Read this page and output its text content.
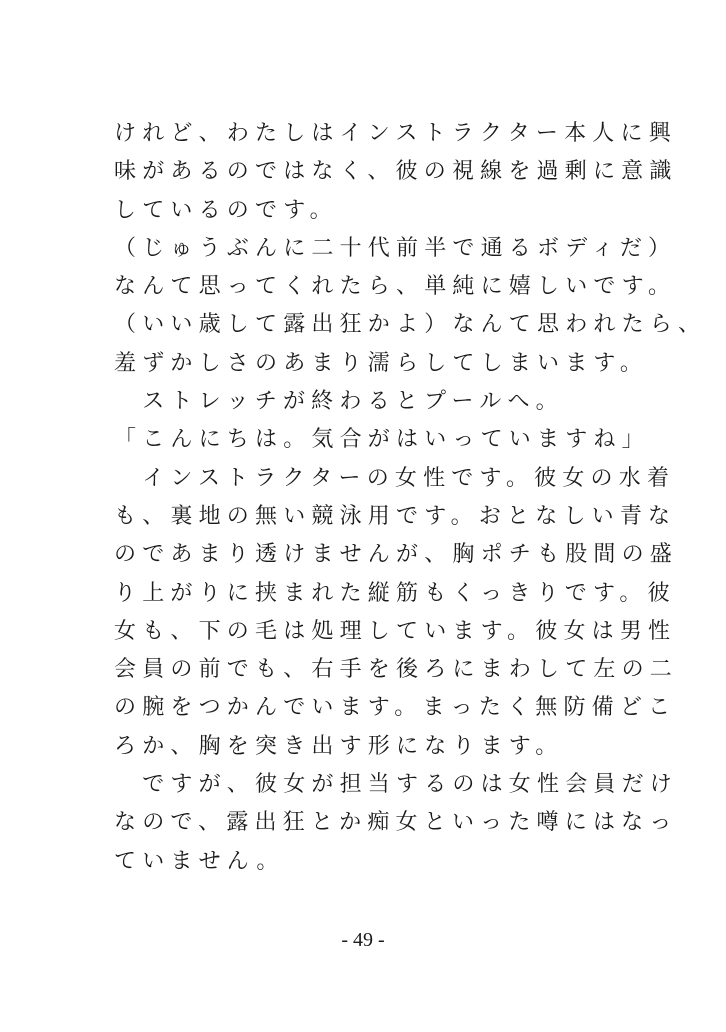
けれど、わたしはインストラクター本人に興
味があるのではなく、彼の視線を過剰に意識
しているのです。
（じゅうぶんに二十代前半で通るボディだ）
なんて思ってくれたら、単純に嬉しいです。
（いい歳して露出狂かよ）なんて思われたら、
羞ずかしさのあまり濡らしてしまいます。
　ストレッチが終わるとプールへ。
「こんにちは。気合がはいっていますね」
　インストラクターの女性です。彼女の水着
も、裏地の無い競泳用です。おとなしい青な
のであまり透けませんが、胸ポチも股間の盛
り上がりに挟まれた縦筋もくっきりです。彼
女も、下の毛は処理しています。彼女は男性
会員の前でも、右手を後ろにまわして左の二
の腕をつかんでいます。まったく無防備どこ
ろか、胸を突き出す形になります。
　ですが、彼女が担当するのは女性会員だけ
なので、露出狂とか痴女といった噂にはなっ
ていません。
- 49 -
